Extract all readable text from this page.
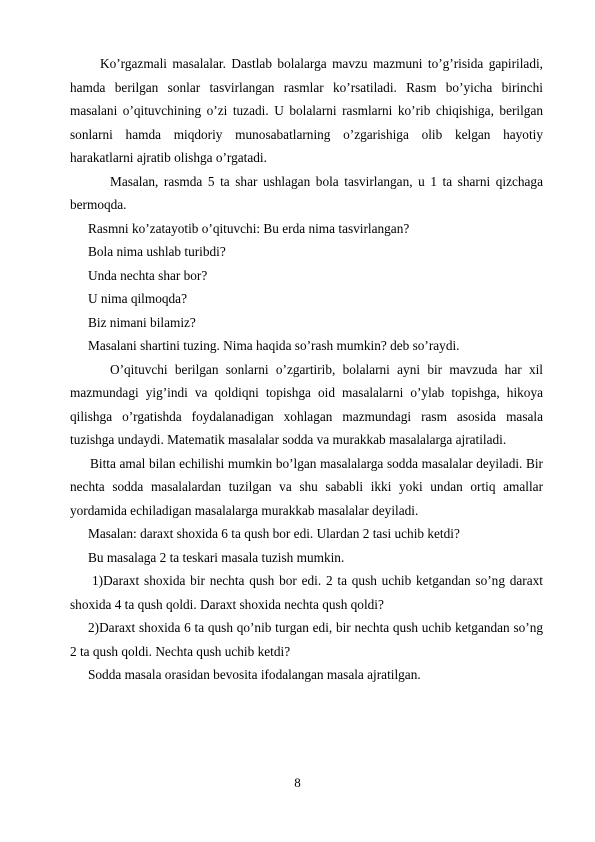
Ko’rgazmali masalalar. Dastlab bolalarga mavzu mazmuni to’g’risida gapiriladi, hamda berilgan sonlar tasvirlangan rasmlar ko’rsatiladi. Rasm bo’yicha birinchi masalani o’qituvchining o’zi tuzadi. U bolalarni rasmlarni ko’rib chiqishiga, berilgan sonlarni hamda miqdoriy munosabatlarning o’zgarishiga olib kelgan hayotiy harakatlarni ajratib olishga o’rgatadi.

Masalan, rasmda 5 ta shar ushlagan bola tasvirlangan, u 1 ta sharni qizchaga bermoqda.

Rasmni ko’zatayotib o’qituvchi: Bu erda nima tasvirlangan?

Bola nima ushlab turibdi?

Unda nechta shar bor?

U nima qilmoqda?

Biz nimani bilamiz?

Masalani shartini tuzing. Nima haqida so’rash mumkin? deb so’raydi.

O’qituvchi berilgan sonlarni o’zgartirib, bolalarni ayni bir mavzuda har xil mazmundagi yig’indi va qoldiqni topishga oid masalalarni o’ylab topishga, hikoya qilishga o’rgatishda foydalanadigan xohlagan mazmundagi rasm asosida masala tuzishga undaydi. Matematik masalalar sodda va murakkab masalalarga ajratiladi.

Bitta amal bilan echilishi mumkin bo’lgan masalalarga sodda masalalar deyiladi. Bir nechta sodda masalalardan tuzilgan va shu sababli ikki yoki undan ortiq amallar yordamida echiladigan masalalarga murakkab masalalar deyiladi.

Masalan: daraxt shoxida 6 ta qush bor edi. Ulardan 2 tasi uchib ketdi?

Bu masalaga 2 ta teskari masala tuzish mumkin.

1)Daraxt shoxida bir nechta qush bor edi. 2 ta qush uchib ketgandan so’ng daraxt shoxida 4 ta qush qoldi. Daraxt shoxida nechta qush qoldi?

2)Daraxt shoxida 6 ta qush qo’nib turgan edi, bir nechta qush uchib ketgandan so’ng 2 ta qush qoldi. Nechta qush uchib ketdi?

Sodda masala orasidan bevosita ifodalangan masala ajratilgan.

8
